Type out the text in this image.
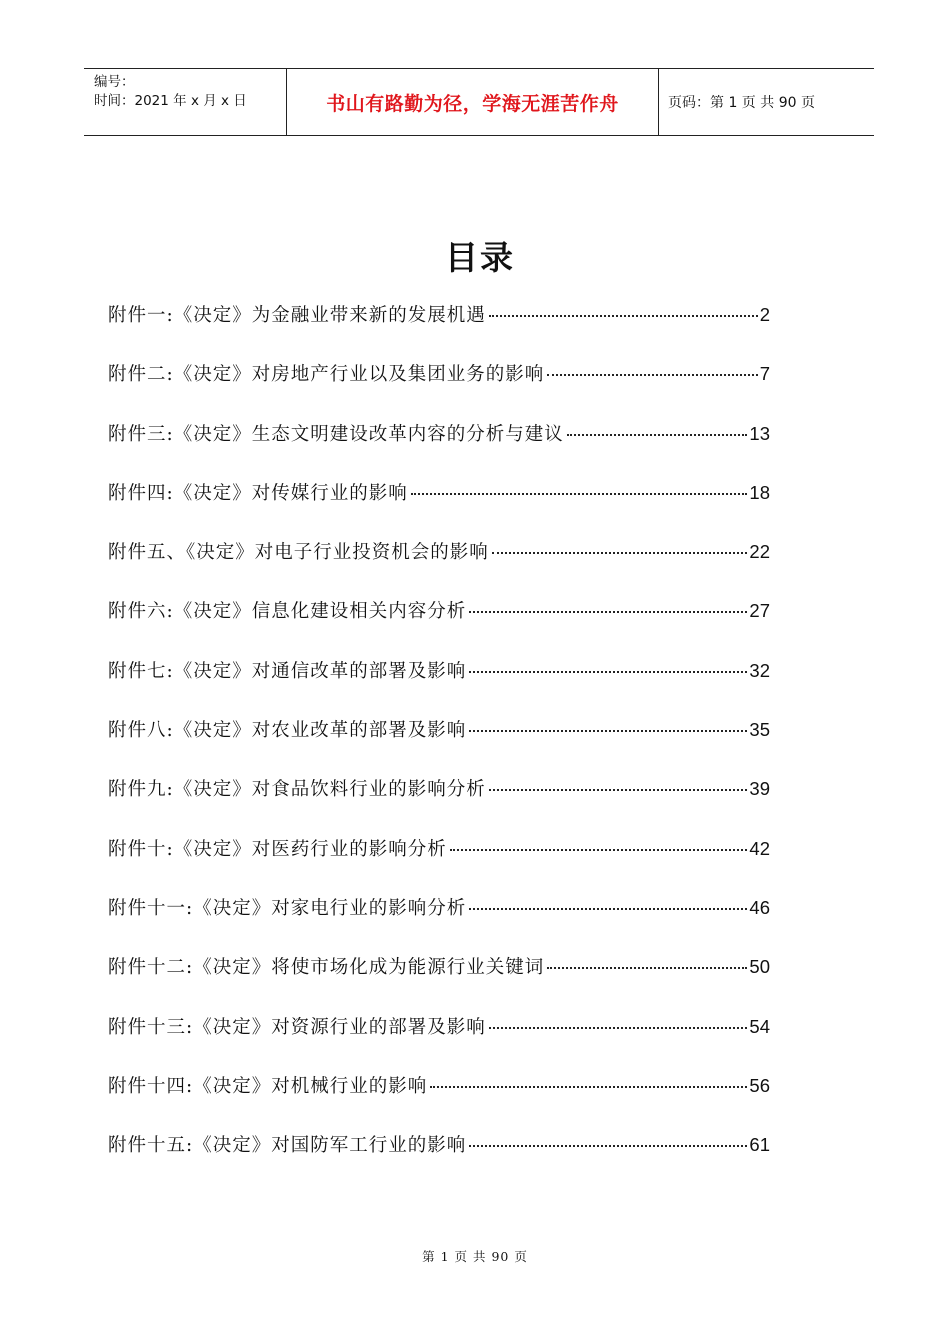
编号：
时间：2021 年 x 月 x 日	书山有路勤为径，学海无涯苦作舟	页码：第 1 页 共 90 页
目录
附件一:《决定》为金融业带来新的发展机遇	2
附件二:《决定》对房地产行业以及集团业务的影响	7
附件三:《决定》生态文明建设改革内容的分析与建议	13
附件四:《决定》对传媒行业的影响	18
附件五、《决定》对电子行业投资机会的影响	22
附件六:《决定》信息化建设相关内容分析	27
附件七:《决定》对通信改革的部署及影响	32
附件八:《决定》对农业改革的部署及影响	35
附件九:《决定》对食品饮料行业的影响分析	39
附件十:《决定》对医药行业的影响分析	42
附件十一:《决定》对家电行业的影响分析	46
附件十二:《决定》将使市场化成为能源行业关键词	50
附件十三:《决定》对资源行业的部署及影响	54
附件十四:《决定》对机械行业的影响	56
附件十五:《决定》对国防军工行业的影响	61
第 1 页 共 90 页
